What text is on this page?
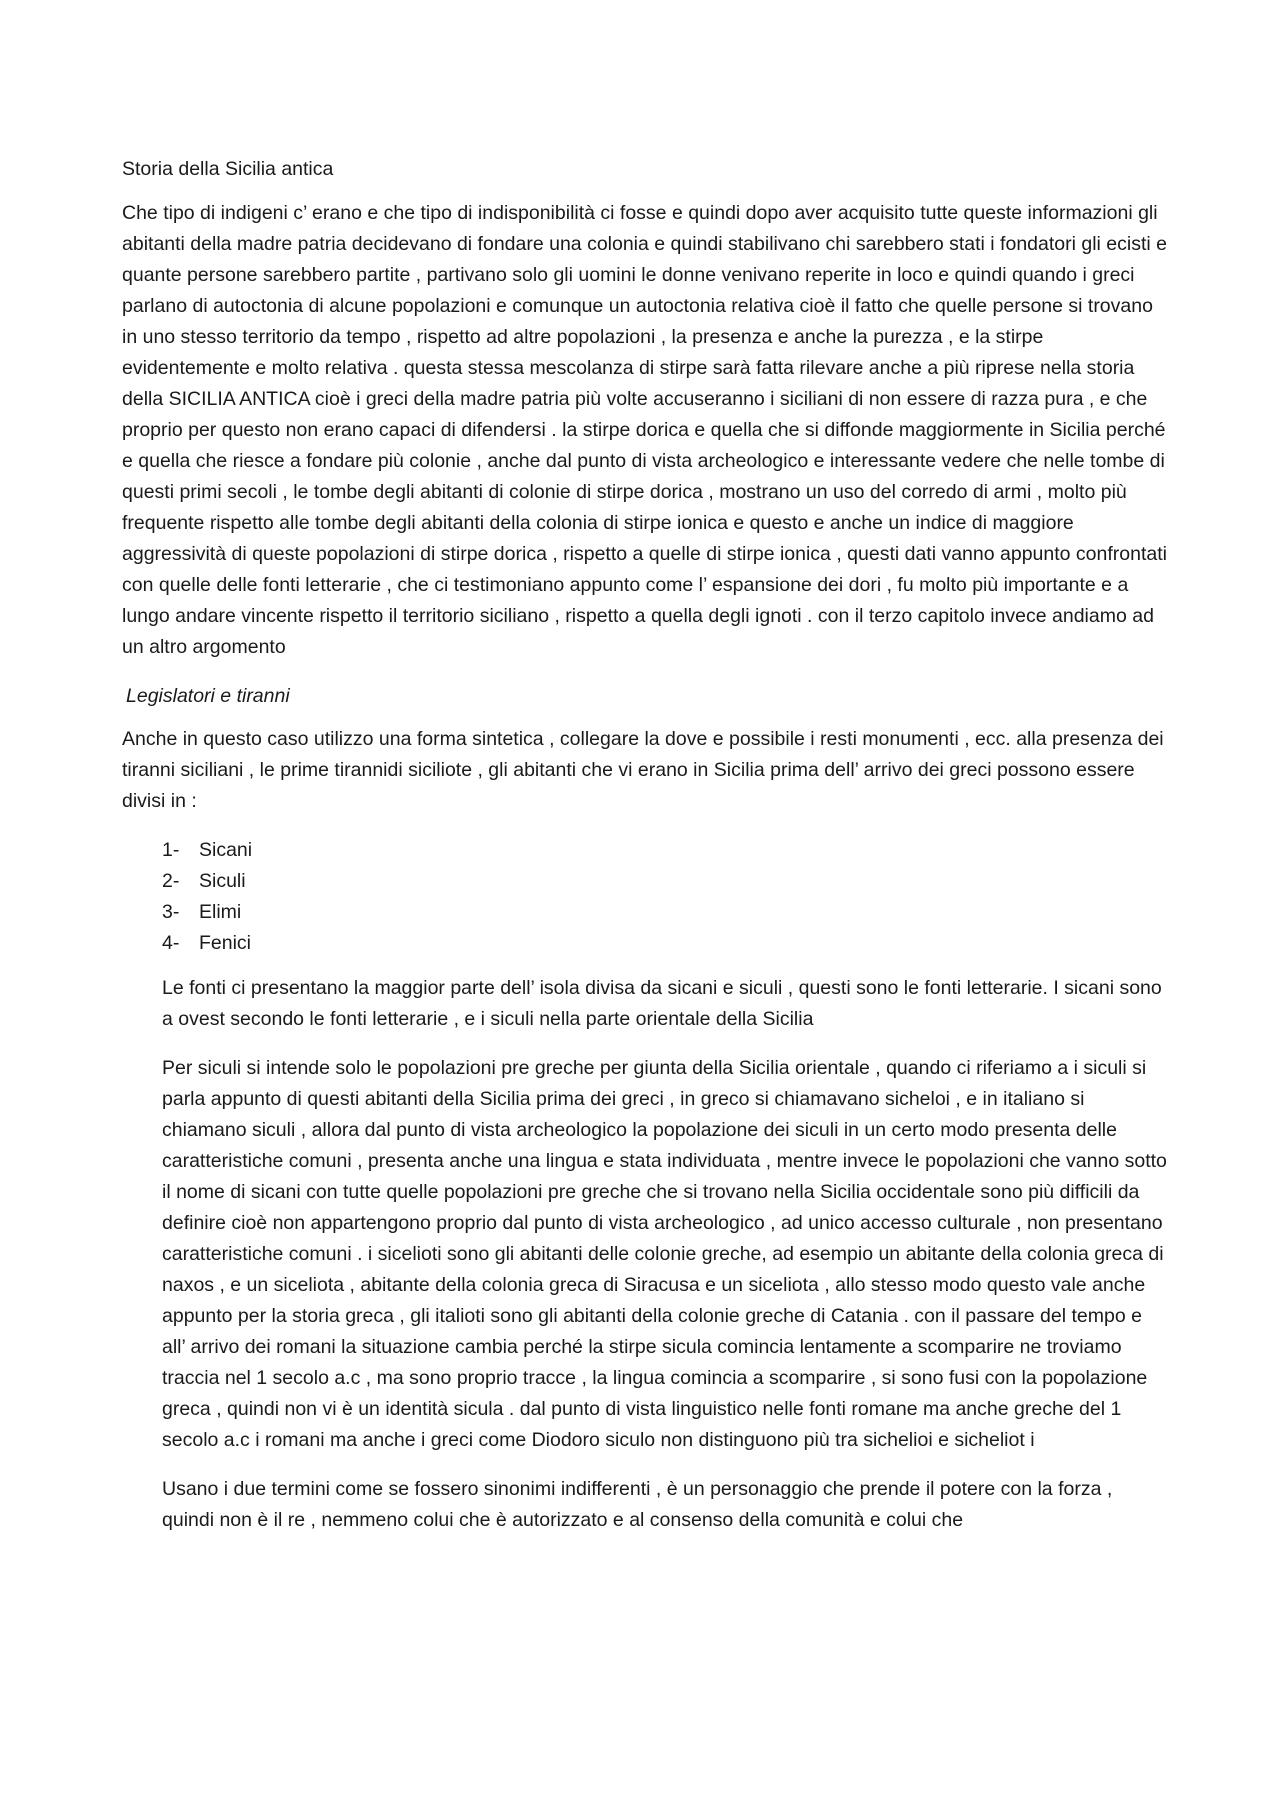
Storia della Sicilia antica

Che tipo di indigeni c’ erano e che tipo di indisponibilità ci fosse e quindi dopo aver acquisito tutte queste informazioni gli abitanti della madre patria decidevano di fondare una colonia e quindi stabilivano chi sarebbero stati i fondatori gli ecisti e quante persone sarebbero partite , partivano solo gli uomini le donne venivano reperite in loco e quindi quando i greci parlano di autoctonia di alcune popolazioni e comunque un autoctonia relativa cioè il fatto che quelle persone si trovano in uno stesso territorio da tempo , rispetto ad altre popolazioni , la presenza e anche la purezza , e la stirpe evidentemente e molto relativa . questa stessa mescolanza di stirpe sarà fatta rilevare anche a più riprese nella storia della SICILIA ANTICA cioè i greci della madre patria più volte accuseranno i siciliani di non essere di razza pura , e che proprio per questo non erano capaci di difendersi . la stirpe dorica e quella che si diffonde maggiormente in Sicilia perché e quella che riesce a fondare più colonie , anche dal punto di vista archeologico e interessante vedere che nelle tombe di questi primi secoli , le tombe degli abitanti di colonie di stirpe dorica , mostrano un uso del corredo di armi , molto più frequente rispetto alle tombe degli abitanti della colonia di stirpe ionica e questo e anche un indice di maggiore aggressività di queste popolazioni di stirpe dorica , rispetto a quelle di stirpe ionica , questi dati vanno appunto confrontati con quelle delle fonti letterarie , che ci testimoniano appunto come l’ espansione dei dori , fu molto più importante e a lungo andare vincente rispetto il territorio siciliano , rispetto a quella degli ignoti . con il terzo capitolo invece andiamo ad un altro argomento

Legislatori e tiranni

Anche in questo caso utilizzo una forma sintetica , collegare la dove e possibile i resti monumenti , ecc. alla presenza dei tiranni siciliani , le prime tirannidi siciliote , gli abitanti che vi erano in Sicilia prima dell’ arrivo dei greci possono essere divisi in :

1-	Sicani
2-	Siculi
3-	Elimi
4-	Fenici

Le fonti ci presentano la maggior parte dell’ isola divisa da sicani e siculi , questi sono le fonti letterarie. I sicani sono a ovest secondo le fonti letterarie , e i siculi nella parte orientale della Sicilia

Per siculi si intende solo le popolazioni pre greche per giunta della Sicilia orientale , quando ci riferiamo a i siculi si parla appunto di questi abitanti della Sicilia prima dei greci , in greco si chiamavano sicheloi , e in italiano si chiamano siculi , allora dal punto di vista archeologico la popolazione dei siculi in un certo modo presenta delle caratteristiche comuni , presenta anche una lingua e stata individuata , mentre invece le popolazioni che vanno sotto il nome di sicani con tutte quelle popolazioni pre greche che si trovano nella Sicilia occidentale sono più difficili da definire cioè non appartengono proprio dal punto di vista archeologico , ad unico accesso culturale , non presentano caratteristiche comuni . i sicelioti sono gli abitanti delle colonie greche, ad esempio un abitante della colonia greca di naxos , e un siceliota , abitante della colonia greca di Siracusa e un siceliota , allo stesso modo questo vale anche appunto per la storia greca , gli italioti sono gli abitanti della colonie greche di Catania . con il passare del tempo e all’ arrivo dei romani la situazione cambia perché la stirpe sicula comincia lentamente a scomparire ne troviamo traccia nel 1 secolo a.c , ma sono proprio tracce , la lingua comincia a scomparire , si sono fusi con la popolazione greca , quindi non vi è un identità sicula . dal punto di vista linguistico nelle fonti romane ma anche greche del 1 secolo a.c i romani ma anche i greci come Diodoro siculo non distinguono più tra sichelioi e sicheliot i

Usano i due termini come se fossero sinonimi indifferenti , è un personaggio che prende il potere con la forza , quindi non è il re , nemmeno colui che è autorizzato e al consenso della comunità e colui che
